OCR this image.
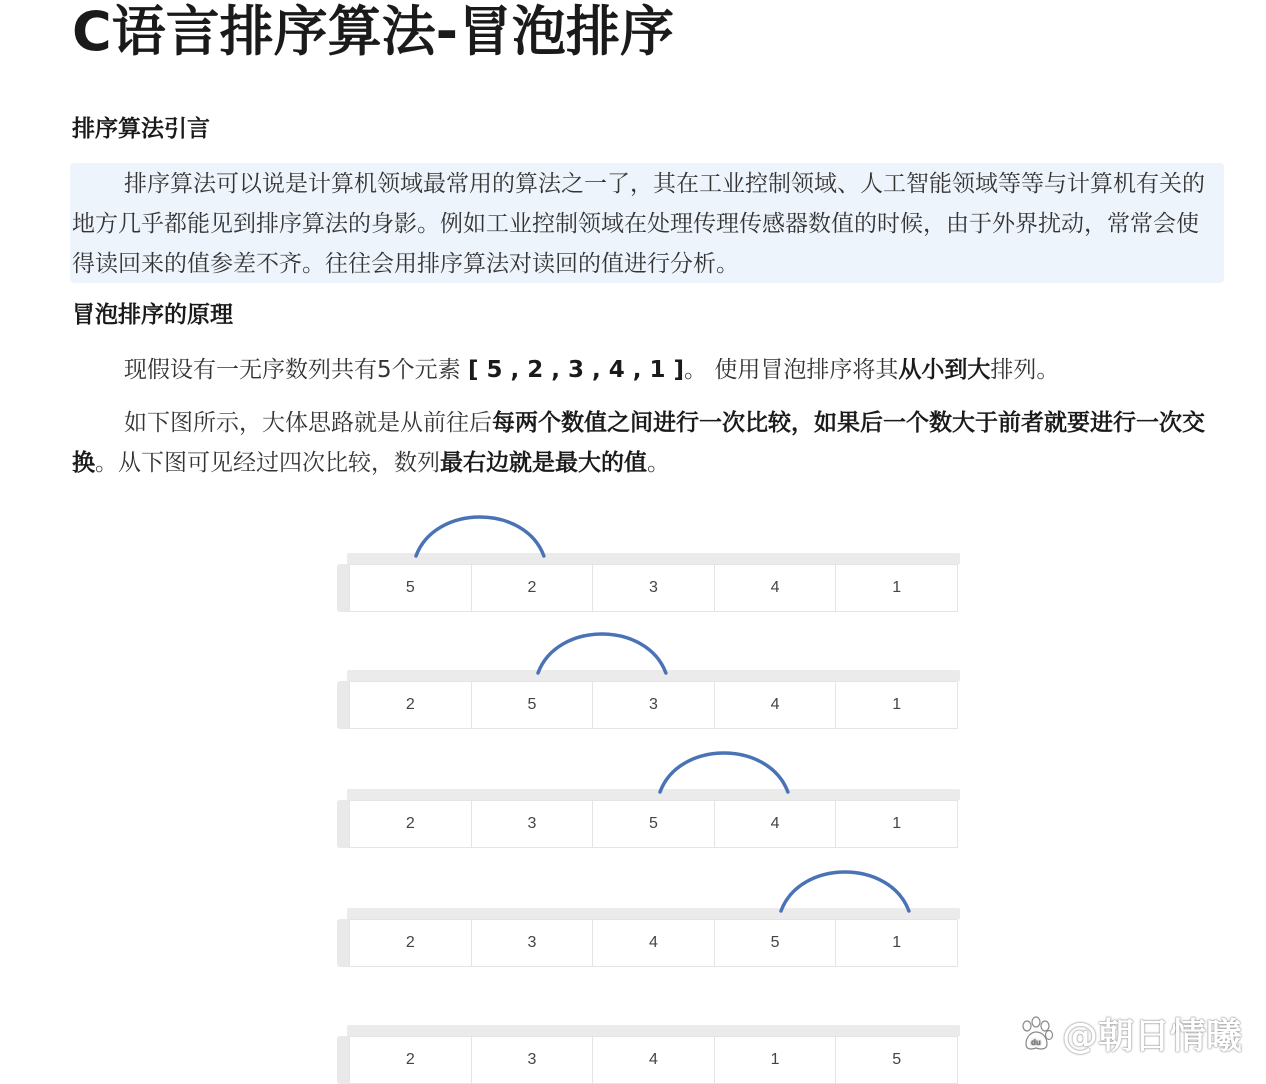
C语言排序算法-冒泡排序
排序算法引言

排序算法可以说是计算机领域最常用的算法之一了，其在工业控制领域、人工智能领域等等与计算机有关的地方几乎都能见到排序算法的身影。例如工业控制领域在处理传理传感器数值的时候，由于外界扰动，常常会使得读回来的值参差不齐。往往会用排序算法对读回的值进行分析。

冒泡排序的原理

现假设有一无序数列共有5个元素 [ 5 , 2 , 3 , 4 , 1 ]。 使用冒泡排序将其从小到大排列。

如下图所示，大体思路就是从前往后每两个数值之间进行一次比较，如果后一个数大于前者就要进行一次交换。从下图可见经过四次比较，数列最右边就是最大的值。

5	2	3	4	1
2	5	3	4	1
2	3	5	4	1
2	3	4	5	1
2	3	4	1	5
du @朝日情曦
